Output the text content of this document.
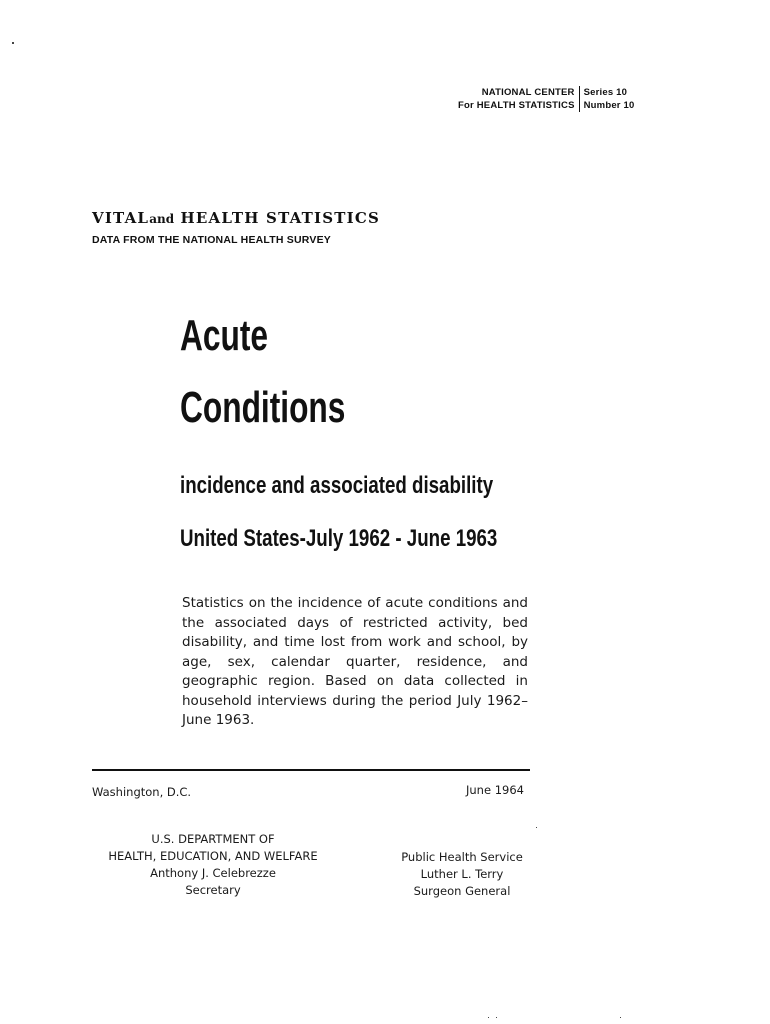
NATIONAL CENTER
For HEALTH STATISTICS
Series 10
Number 10
VITALand HEALTH STATISTICS
DATA FROM THE NATIONAL HEALTH SURVEY
Acute
Conditions
incidence and associated disability
United States-July 1962 - June 1963
Statistics on the incidence of acute conditions and the associated days of restricted activity, bed disability, and time lost from work and school, by age, sex, calendar quarter, residence, and geographic region. Based on data collected in household interviews during the period July 1962–June 1963.
Washington, D.C.	June 1964
U.S. DEPARTMENT OF
HEALTH, EDUCATION, AND WELFARE
Anthony J. Celebrezze
Secretary
Public Health Service
Luther L. Terry
Surgeon General
